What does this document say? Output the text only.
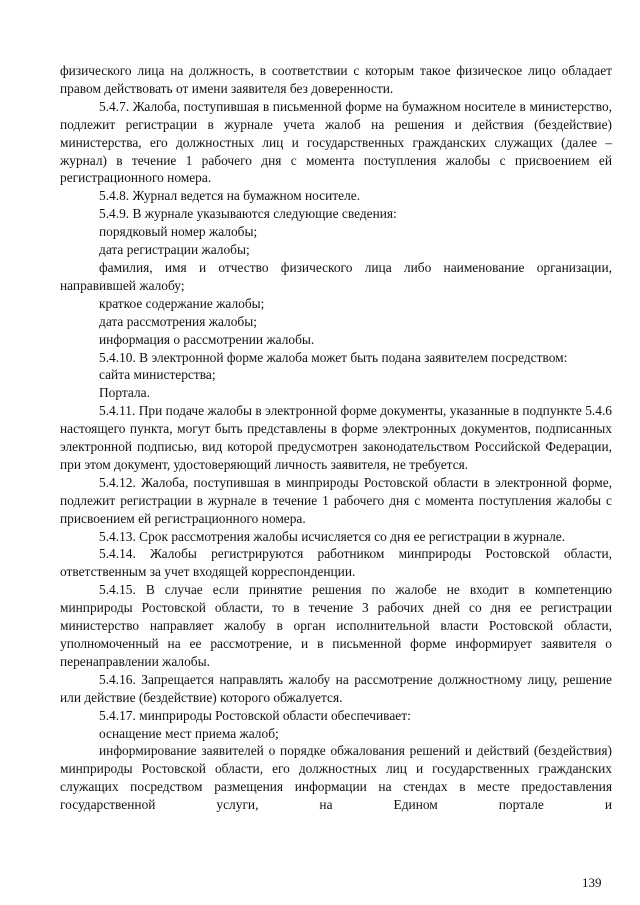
физического лица на должность, в соответствии с которым такое физическое лицо обладает правом действовать от имени заявителя без доверенности.

5.4.7. Жалоба, поступившая в письменной форме на бумажном носителе в министерство, подлежит регистрации в журнале учета жалоб на решения и действия (бездействие) министерства, его должностных лиц и государственных гражданских служащих (далее – журнал) в течение 1 рабочего дня с момента поступления жалобы с присвоением ей регистрационного номера.

5.4.8. Журнал ведется на бумажном носителе.

5.4.9. В журнале указываются следующие сведения:

порядковый номер жалобы;

дата регистрации жалобы;

фамилия, имя и отчество физического лица либо наименование организации, направившей жалобу;

краткое содержание жалобы;

дата рассмотрения жалобы;

информация о рассмотрении жалобы.

5.4.10. В электронной форме жалоба может быть подана заявителем посредством:

сайта министерства;

Портала.

5.4.11. При подаче жалобы в электронной форме документы, указанные в подпункте 5.4.6 настоящего пункта, могут быть представлены в форме электронных документов, подписанных электронной подписью, вид которой предусмотрен законодательством Российской Федерации, при этом документ, удостоверяющий личность заявителя, не требуется.

5.4.12. Жалоба, поступившая в минприроды Ростовской области в электронной форме, подлежит регистрации в журнале в течение 1 рабочего дня с момента поступления жалобы с присвоением ей регистрационного номера.

5.4.13. Срок рассмотрения жалобы исчисляется со дня ее регистрации в журнале.

5.4.14. Жалобы регистрируются работником минприроды Ростовской области, ответственным за учет входящей корреспонденции.

5.4.15. В случае если принятие решения по жалобе не входит в компетенцию минприроды Ростовской области, то в течение 3 рабочих дней со дня ее регистрации министерство направляет жалобу в орган исполнительной власти Ростовской области, уполномоченный на ее рассмотрение, и в письменной форме информирует заявителя о перенаправлении жалобы.

5.4.16. Запрещается направлять жалобу на рассмотрение должностному лицу, решение или действие (бездействие) которого обжалуется.

5.4.17. минприроды Ростовской области обеспечивает:

оснащение мест приема жалоб;

информирование заявителей о порядке обжалования решений и действий (бездействия) минприроды Ростовской области, его должностных лиц и государственных гражданских служащих посредством размещения информации на стендах в месте предоставления государственной услуги, на Едином портале и

139
